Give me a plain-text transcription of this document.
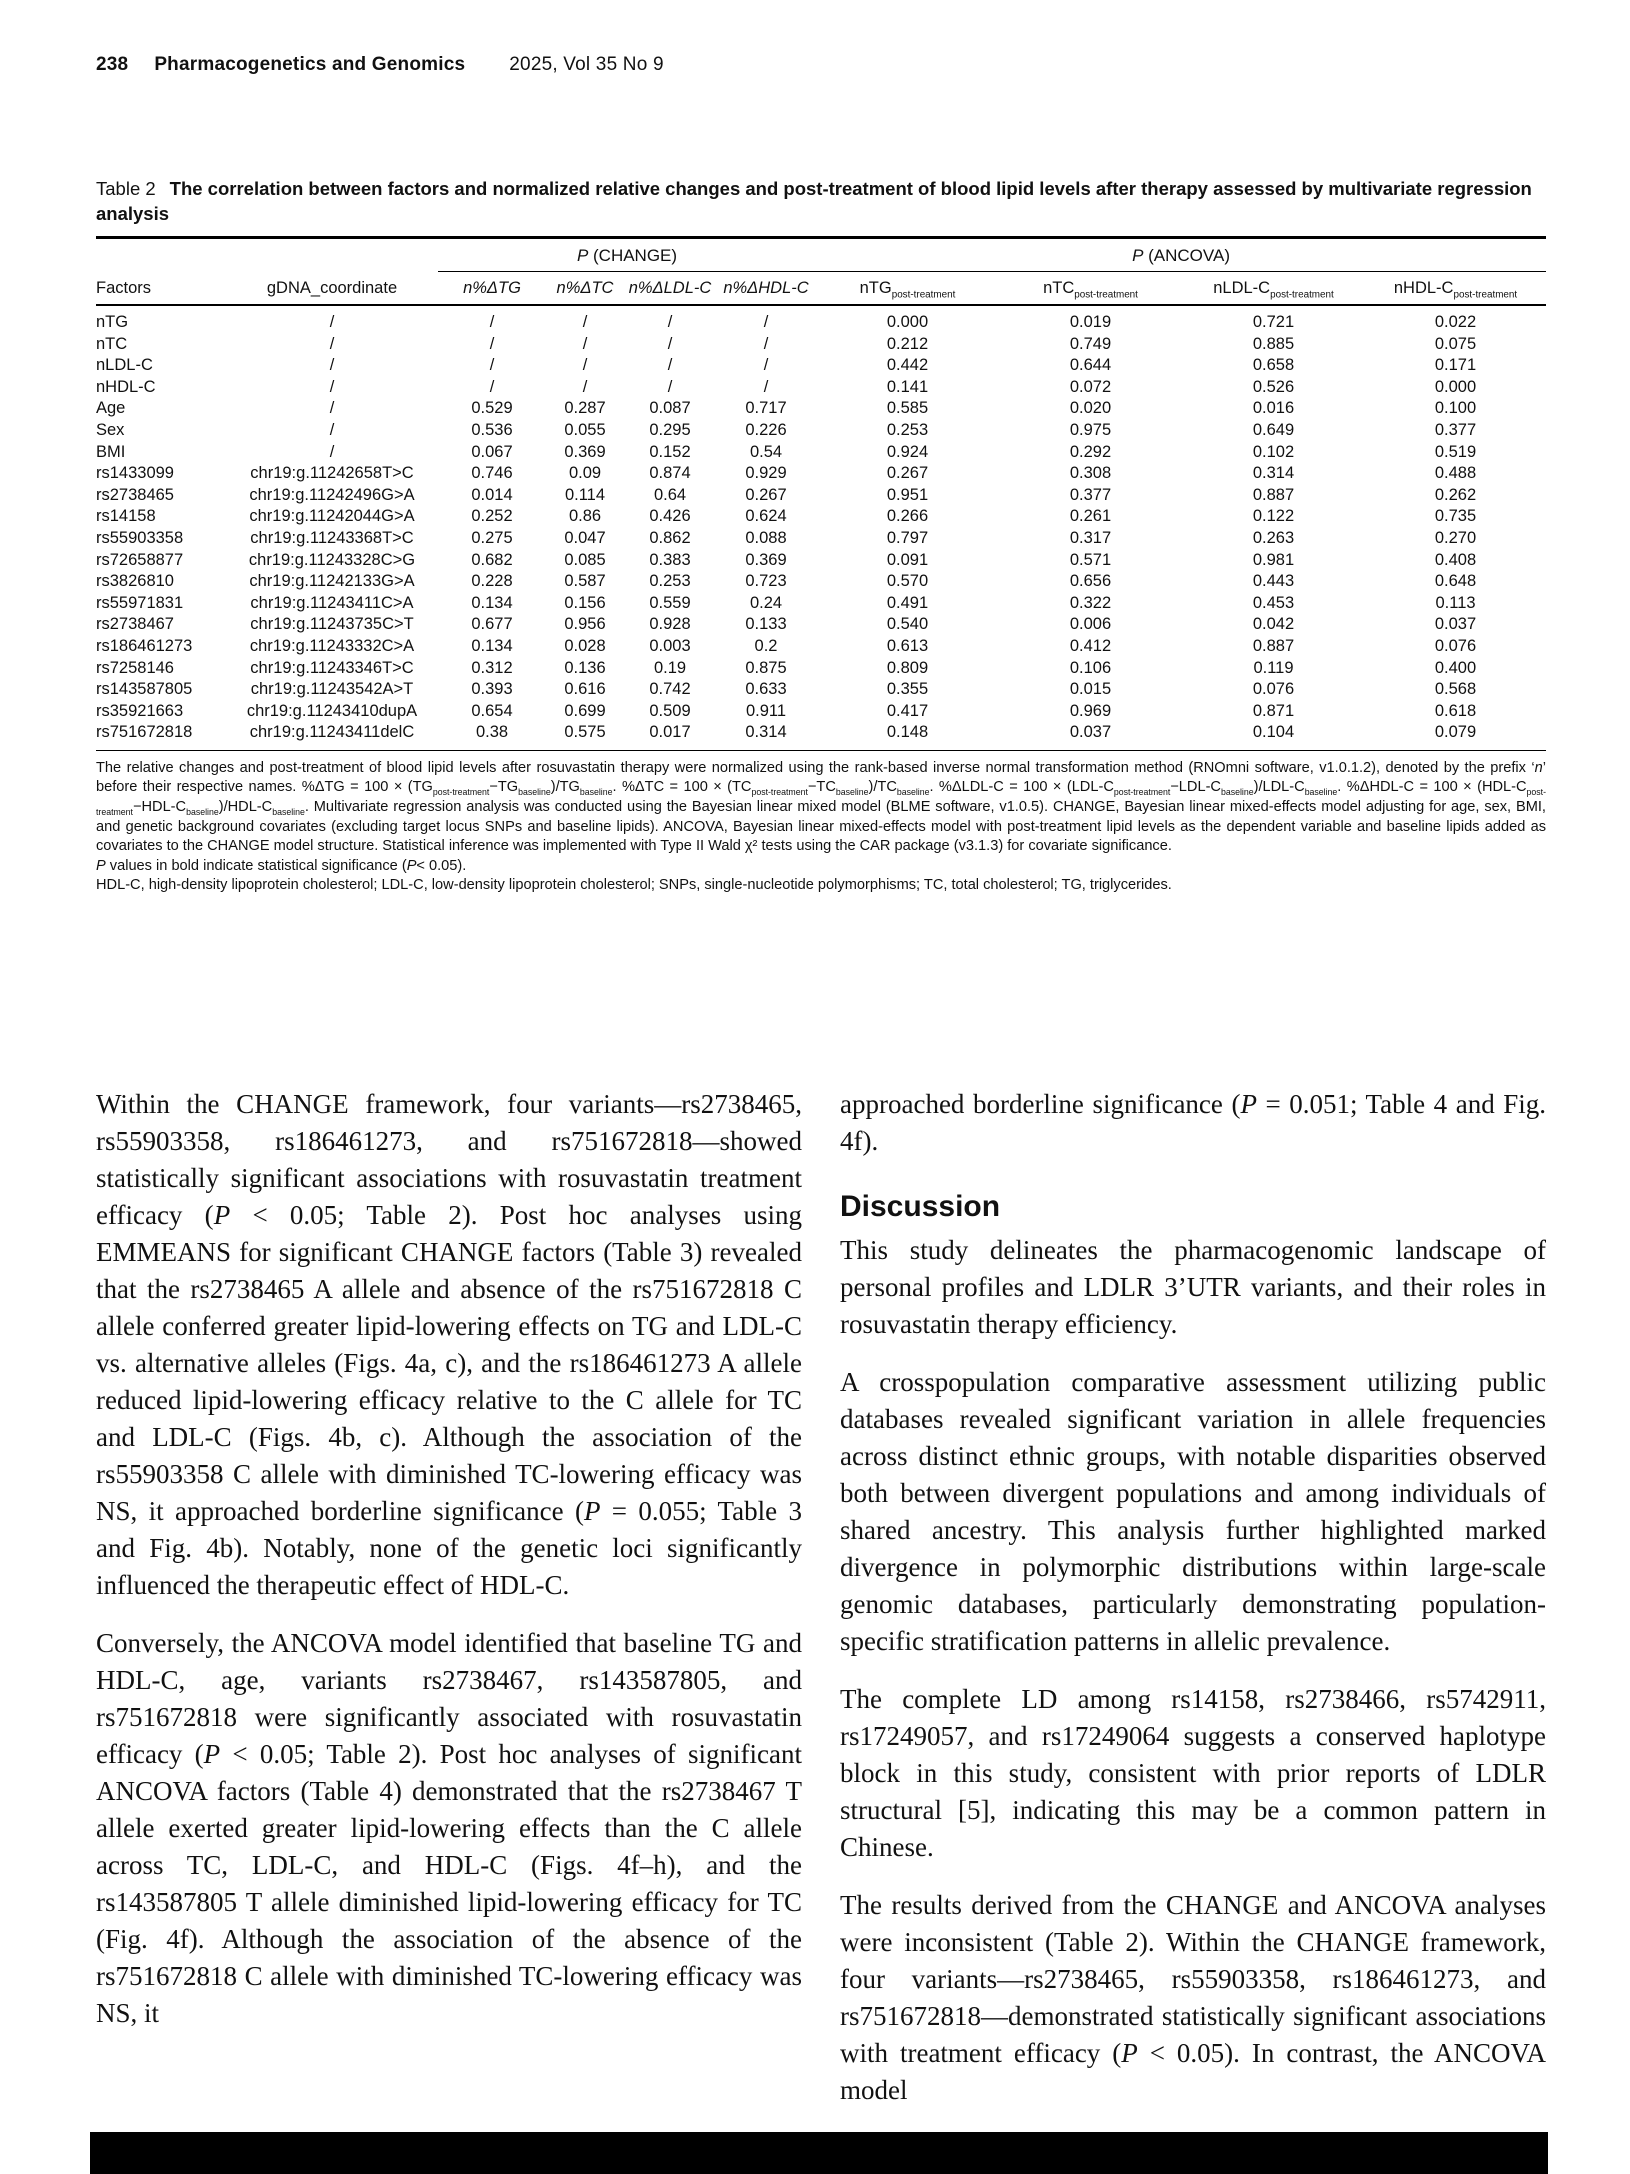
238 Pharmacogenetics and Genomics 2025, Vol 35 No 9
Table 2 The correlation between factors and normalized relative changes and post-treatment of blood lipid levels after therapy assessed by multivariate regression analysis
		P (CHANGE)				P (ANCOVA)			
Factors	gDNA_coordinate	n%ΔTG	n%ΔTC	n%ΔLDL-C	n%ΔHDL-C	nTG$_{post-treatment}$	nTC$_{post-treatment}$	nLDL-$C_{post-treatment}$	nHDL-$C_{post-treatment}$
nTG	/	/	/	/	/	0.000	0.019	0.721	0.022
nTC	/	/	/	/	/	0.212	0.749	0.885	0.075
nLDL-C	/	/	/	/	/	0.442	0.644	0.658	0.171
nHDL-C	/	/	/	/	/	0.141	0.072	0.526	0.000
Age	/	0.529	0.287	0.087	0.717	0.585	0.020	0.016	0.100
Sex	/	0.536	0.055	0.295	0.226	0.253	0.975	0.649	0.377
BMI	/	0.067	0.369	0.152	0.54	0.924	0.292	0.102	0.519
rs1433099	chr19:g.11242658T>C	0.746	0.09	0.874	0.929	0.267	0.308	0.314	0.488
rs2738465	chr19:g.11242496G>A	0.014	0.114	0.64	0.267	0.951	0.377	0.887	0.262
rs14158	chr19:g.11242044G>A	0.252	0.86	0.426	0.624	0.266	0.261	0.122	0.735
rs55903358	chr19:g.11243368T>C	0.275	0.047	0.862	0.088	0.797	0.317	0.263	0.270
rs72658877	chr19:g.11243328C>G	0.682	0.085	0.383	0.369	0.091	0.571	0.981	0.408
rs3826810	chr19:g.11242133G>A	0.228	0.587	0.253	0.723	0.570	0.656	0.443	0.648
rs55971831	chr19:g.11243411C>A	0.134	0.156	0.559	0.24	0.491	0.322	0.453	0.113
rs2738467	chr19:g.11243735C>T	0.677	0.956	0.928	0.133	0.540	0.006	0.042	0.037
rs186461273	chr19:g.11243332C>A	0.134	0.028	0.003	0.2	0.613	0.412	0.887	0.076
rs7258146	chr19:g.11243346T>C	0.312	0.136	0.19	0.875	0.809	0.106	0.119	0.400
rs143587805	chr19:g.11243542A>T	0.393	0.616	0.742	0.633	0.355	0.015	0.076	0.568
rs35921663	chr19:g.11243410dupA	0.654	0.699	0.509	0.911	0.417	0.969	0.871	0.618
rs751672818	chr19:g.11243411delC	0.38	0.575	0.017	0.314	0.148	0.037	0.104	0.079

The relative changes and post-treatment of blood lipid levels after rosuvastatin therapy were normalized using the rank-based inverse normal transformation method (RNOmni software, v1.0.1.2), denoted by the prefix ‘n’ before their respective names. $\%\Delta TG = 100 \times (TG_{post-treatment}-TG_{baseline})/TG_{baseline}$. $\%\Delta TC = 100 \times (TC_{post-treatment}-TC_{baseline})/TC_{baseline}$. $\%\Delta LDL-C = 100 \times (LDL-C_{post-treatment}-LDL-C_{baseline})/LDL-C_{baseline}$. $\%\Delta HDL-C = 100 \times (HDL-C_{post-treatment}-HDL-C_{baseline})/HDL-C_{baseline}$. Multivariate regression analysis was conducted using the Bayesian linear mixed model (BLME software, v1.0.5). CHANGE, Bayesian linear mixed-effects model adjusting for age, sex, BMI, and genetic background covariates (excluding target locus SNPs and baseline lipids). ANCOVA, Bayesian linear mixed-effects model with post-treatment lipid levels as the dependent variable and baseline lipids added as covariates to the CHANGE model structure. Statistical inference was implemented with Type II Wald χ² tests using the CAR package (v3.1.3) for covariate significance.

P values in bold indicate statistical significance (P< 0.05).

HDL-C, high-density lipoprotein cholesterol; LDL-C, low-density lipoprotein cholesterol; SNPs, single-nucleotide polymorphisms; TC, total cholesterol; TG, triglycerides.

Within the CHANGE framework, four variants—rs2738465, rs55903358, rs186461273, and rs751672818—showed statistically significant associations with rosuvastatin treatment efficacy (P < 0.05; Table 2). Post hoc analyses using EMMEANS for significant CHANGE factors (Table 3) revealed that the rs2738465 A allele and absence of the rs751672818 C allele conferred greater lipid-lowering effects on TG and LDL-C vs. alternative alleles (Figs. 4a, c), and the rs186461273 A allele reduced lipid-lowering efficacy relative to the C allele for TC and LDL-C (Figs. 4b, c). Although the association of the rs55903358 C allele with diminished TC-lowering efficacy was NS, it approached borderline significance (P = 0.055; Table 3 and Fig. 4b). Notably, none of the genetic loci significantly influenced the therapeutic effect of HDL-C.

Conversely, the ANCOVA model identified that baseline TG and HDL-C, age, variants rs2738467, rs143587805, and rs751672818 were significantly associated with rosuvastatin efficacy (P < 0.05; Table 2). Post hoc analyses of significant ANCOVA factors (Table 4) demonstrated that the rs2738467 T allele exerted greater lipid-lowering effects than the C allele across TC, LDL-C, and HDL-C (Figs. 4f–h), and the rs143587805 T allele diminished lipid-lowering efficacy for TC (Fig. 4f). Although the association of the absence of the rs751672818 C allele with diminished TC-lowering efficacy was NS, it

approached borderline significance (P = 0.051; Table 4 and Fig. 4f).

Discussion

This study delineates the pharmacogenomic landscape of personal profiles and LDLR 3’UTR variants, and their roles in rosuvastatin therapy efficiency.

A crosspopulation comparative assessment utilizing public databases revealed significant variation in allele frequencies across distinct ethnic groups, with notable disparities observed both between divergent populations and among individuals of shared ancestry. This analysis further highlighted marked divergence in polymorphic distributions within large-scale genomic databases, particularly demonstrating population-specific stratification patterns in allelic prevalence.

The complete LD among rs14158, rs2738466, rs5742911, rs17249057, and rs17249064 suggests a conserved haplotype block in this study, consistent with prior reports of LDLR structural [5], indicating this may be a common pattern in Chinese.

The results derived from the CHANGE and ANCOVA analyses were inconsistent (Table 2). Within the CHANGE framework, four variants—rs2738465, rs55903358, rs186461273, and rs751672818—demonstrated statistically significant associations with treatment efficacy (P < 0.05). In contrast, the ANCOVA model
